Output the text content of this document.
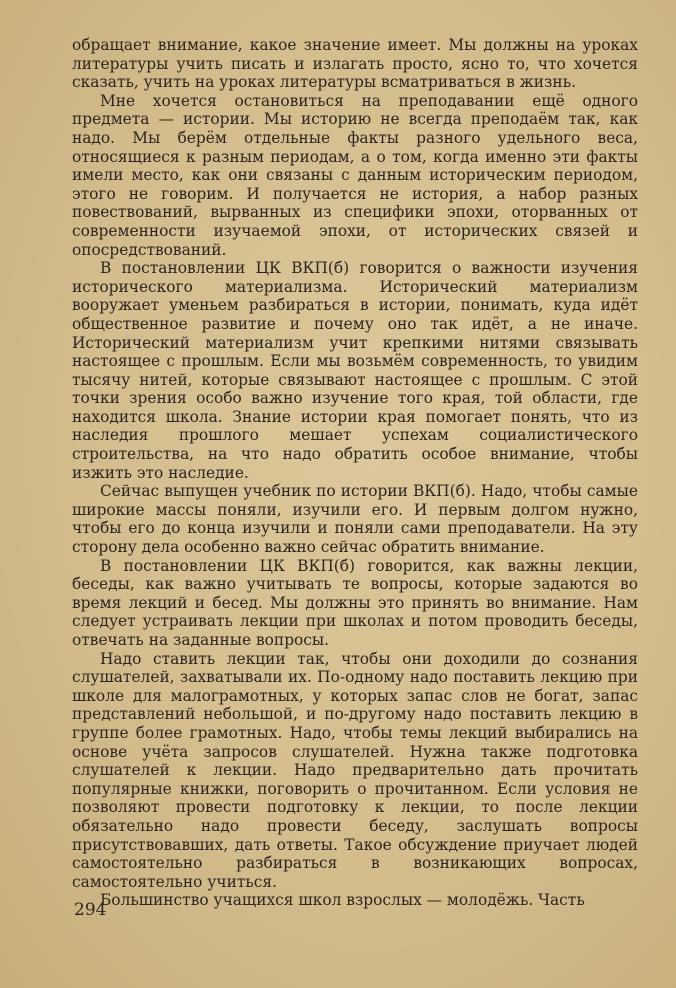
обращает внимание, какое значение имеет. Мы должны на уроках литературы учить писать и излагать просто, ясно то, что хочется сказать, учить на уроках литературы всматриваться в жизнь.

Мне хочется остановиться на преподавании ещё одного предмета — истории. Мы историю не всегда преподаём так, как надо. Мы берём отдельные факты разного удельного веса, относящиеся к разным периодам, а о том, когда именно эти факты имели место, как они связаны с данным историческим периодом, этого не говорим. И получается не история, а набор разных повествований, вырванных из специфики эпохи, оторванных от современности изучаемой эпохи, от исторических связей и опосредствований.

В постановлении ЦК ВКП(б) говорится о важности изучения исторического материализма. Исторический материализм вооружает уменьем разбираться в истории, понимать, куда идёт общественное развитие и почему оно так идёт, а не иначе. Исторический материализм учит крепкими нитями связывать настоящее с прошлым. Если мы возьмём современность, то увидим тысячу нитей, которые связывают настоящее с прошлым. С этой точки зрения особо важно изучение того края, той области, где находится школа. Знание истории края помогает понять, что из наследия прошлого мешает успехам социалистического строительства, на что надо обратить особое внимание, чтобы изжить это наследие.

Сейчас выпущен учебник по истории ВКП(б). Надо, чтобы самые широкие массы поняли, изучили его. И первым долгом нужно, чтобы его до конца изучили и поняли сами преподаватели. На эту сторону дела особенно важно сейчас обратить внимание.

В постановлении ЦК ВКП(б) говорится, как важны лекции, беседы, как важно учитывать те вопросы, которые задаются во время лекций и бесед. Мы должны это принять во внимание. Нам следует устраивать лекции при школах и потом проводить беседы, отвечать на заданные вопросы.

Надо ставить лекции так, чтобы они доходили до сознания слушателей, захватывали их. По-одному надо поставить лекцию при школе для малограмотных, у которых запас слов не богат, запас представлений небольшой, и по-другому надо поставить лекцию в группе более грамотных. Надо, чтобы темы лекций выбирались на основе учёта запросов слушателей. Нужна также подготовка слушателей к лекции. Надо предварительно дать прочитать популярные книжки, поговорить о прочитанном. Если условия не позволяют провести подготовку к лекции, то после лекции обязательно надо провести беседу, заслушать вопросы присутствовавших, дать ответы. Такое обсуждение приучает людей самостоятельно разбираться в возникающих вопросах, самостоятельно учиться.

Большинство учащихся школ взрослых — молодёжь. Часть

294
